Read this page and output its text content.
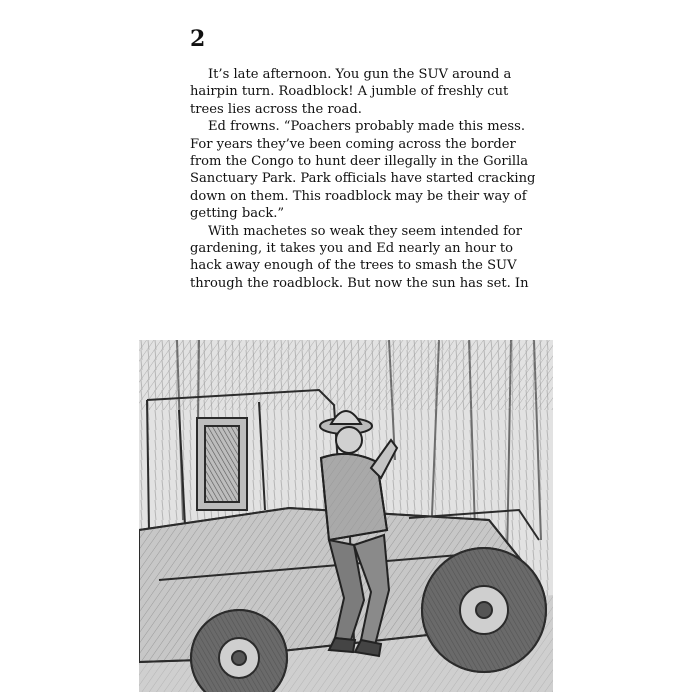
2
It’s late afternoon. You gun the SUV around a
hairpin turn. Roadblock! A jumble of freshly cut
trees lies across the road.
Ed frowns. “Poachers probably made this mess.
For years they’ve been coming across the border
from the Congo to hunt deer illegally in the Gorilla
Sanctuary Park. Park officials have started cracking
down on them. This roadblock may be their way of
getting back.”
With machetes so weak they seem intended for
gardening, it takes you and Ed nearly an hour to
hack away enough of the trees to smash the SUV
through the roadblock. But now the sun has set. In
